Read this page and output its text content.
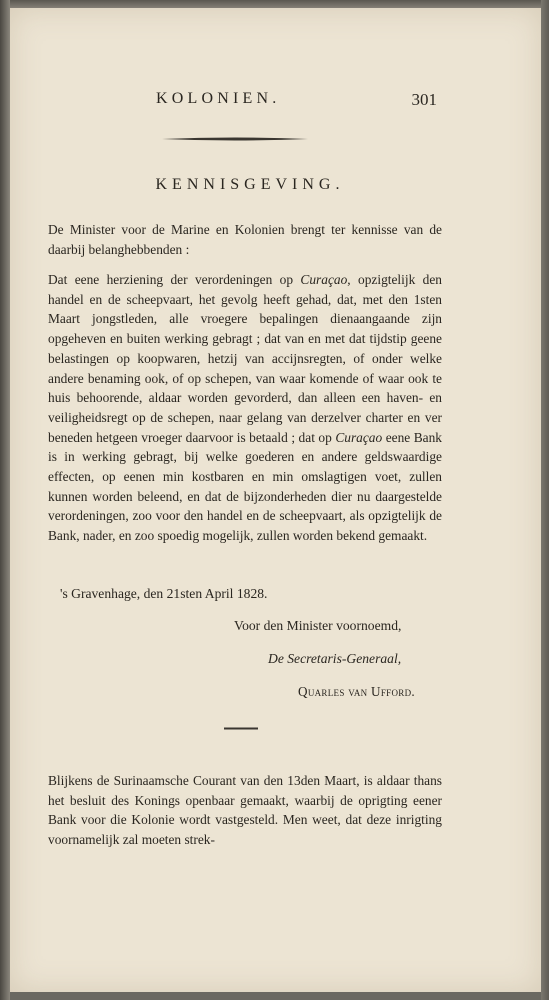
KOLONIEN.	301
KENNISGEVING.

De Minister voor de Marine en Kolonien brengt ter kennisse van de daarbij belanghebbenden :

Dat eene herziening der verordeningen op Curaçao, opzigtelijk den handel en de scheepvaart, het gevolg heeft gehad, dat, met den 1sten Maart jongstleden, alle vroegere bepalingen dienaangaande zijn opgeheven en buiten werking gebragt ; dat van en met dat tijdstip geene belastingen op koopwaren, hetzij van accijnsregten, of onder welke andere benaming ook, of op schepen, van waar komende of waar ook te huis behoorende, aldaar worden gevorderd, dan alleen een haven- en veiligheidsregt op de schepen, naar gelang van derzelver charter en ver beneden hetgeen vroeger daarvoor is betaald ; dat op Curaçao eene Bank is in werking gebragt, bij welke goederen en andere geldswaardige effecten, op eenen min kostbaren en min omslagtigen voet, zullen kunnen worden beleend, en dat de bijzonderheden dier nu daargestelde verordeningen, zoo voor den handel en de scheepvaart, als opzigtelijk de Bank, nader, en zoo spoedig mogelijk, zullen worden bekend gemaakt.

's Gravenhage, den 21sten April 1828.
Voor den Minister voornoemd,
De Secretaris-Generaal,
Quarles van Ufford.

Blijkens de Surinaamsche Courant van den 13den Maart, is aldaar thans het besluit des Konings openbaar gemaakt, waarbij de oprigting eener Bank voor die Kolonie wordt vastgesteld. Men weet, dat deze inrigting voornamelijk zal moeten strek-
